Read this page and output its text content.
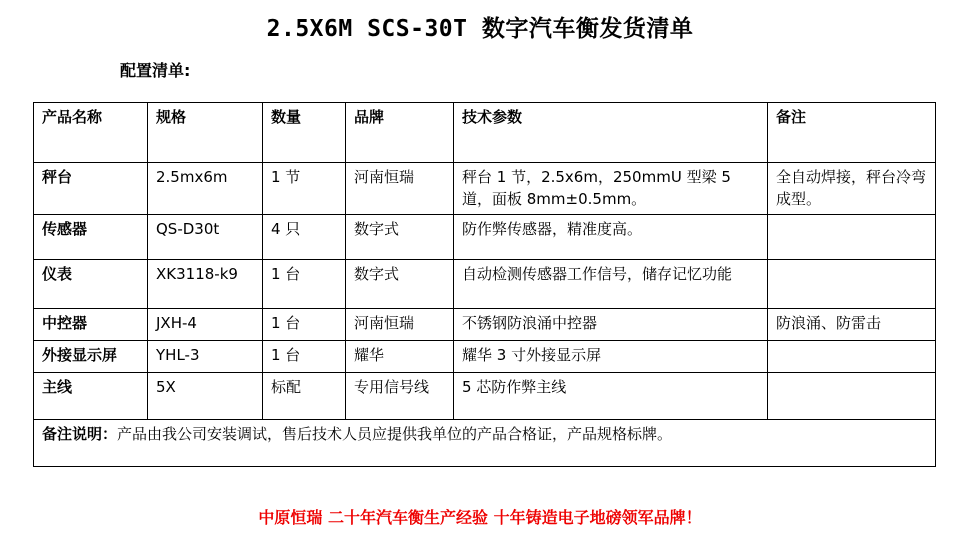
2.5X6M SCS-30T 数字汽车衡发货清单
配置清单:
产品名称	规格	数量	品牌	技术参数	备注
秤台	2.5mx6m	1 节	河南恒瑞	秤台 1 节，2.5x6m，250mmU 型梁 5 道，面板 8mm±0.5mm。	全自动焊接，秤台冷弯成型。
传感器	QS-D30t	4 只	数字式	防作弊传感器，精准度高。	
仪表	XK3118-k9	1 台	数字式	自动检测传感器工作信号，储存记忆功能	
中控器	JXH-4	1 台	河南恒瑞	不锈钢防浪涌中控器	防浪涌、防雷击
外接显示屏	YHL-3	1 台	耀华	耀华 3 寸外接显示屏	
主线	5X	标配	专用信号线	5 芯防作弊主线	
备注说明：产品由我公司安装调试，售后技术人员应提供我单位的产品合格证，产品规格标牌。					
中原恒瑞 二十年汽车衡生产经验 十年铸造电子地磅领军品牌！
